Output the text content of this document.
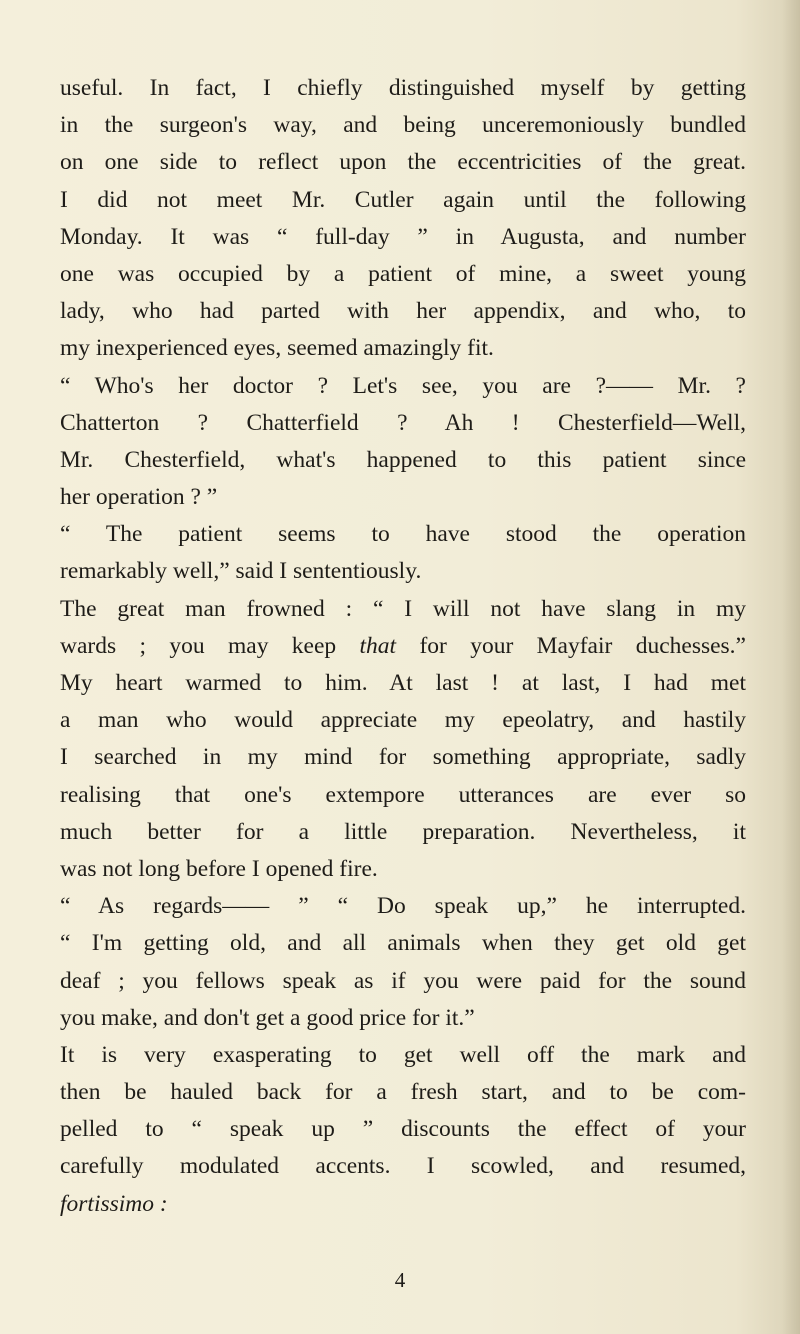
useful. In fact, I chiefly distinguished myself by getting
in the surgeon's way, and being unceremoniously bundled
on one side to reflect upon the eccentricities of the great.
I did not meet Mr. Cutler again until the following
Monday. It was “ full-day ” in Augusta, and number
one was occupied by a patient of mine, a sweet young
lady, who had parted with her appendix, and who, to
my inexperienced eyes, seemed amazingly fit.
“ Who's her doctor ? Let's see, you are ?—— Mr. ?
Chatterton ? Chatterfield ? Ah ! Chesterfield—Well,
Mr. Chesterfield, what's happened to this patient since
her operation ? ”
“ The patient seems to have stood the operation
remarkably well,” said I sententiously.
The great man frowned : “ I will not have slang in my
wards ; you may keep that for your Mayfair duchesses.”
My heart warmed to him. At last ! at last, I had met
a man who would appreciate my epeolatry, and hastily
I searched in my mind for something appropriate, sadly
realising that one's extempore utterances are ever so
much better for a little preparation. Nevertheless, it
was not long before I opened fire.
“ As regards—— ” “ Do speak up,” he interrupted.
“ I'm getting old, and all animals when they get old get
deaf ; you fellows speak as if you were paid for the sound
you make, and don't get a good price for it.”
It is very exasperating to get well off the mark and
then be hauled back for a fresh start, and to be com-
pelled to “ speak up ” discounts the effect of your
carefully modulated accents. I scowled, and resumed,
fortissimo :
4
